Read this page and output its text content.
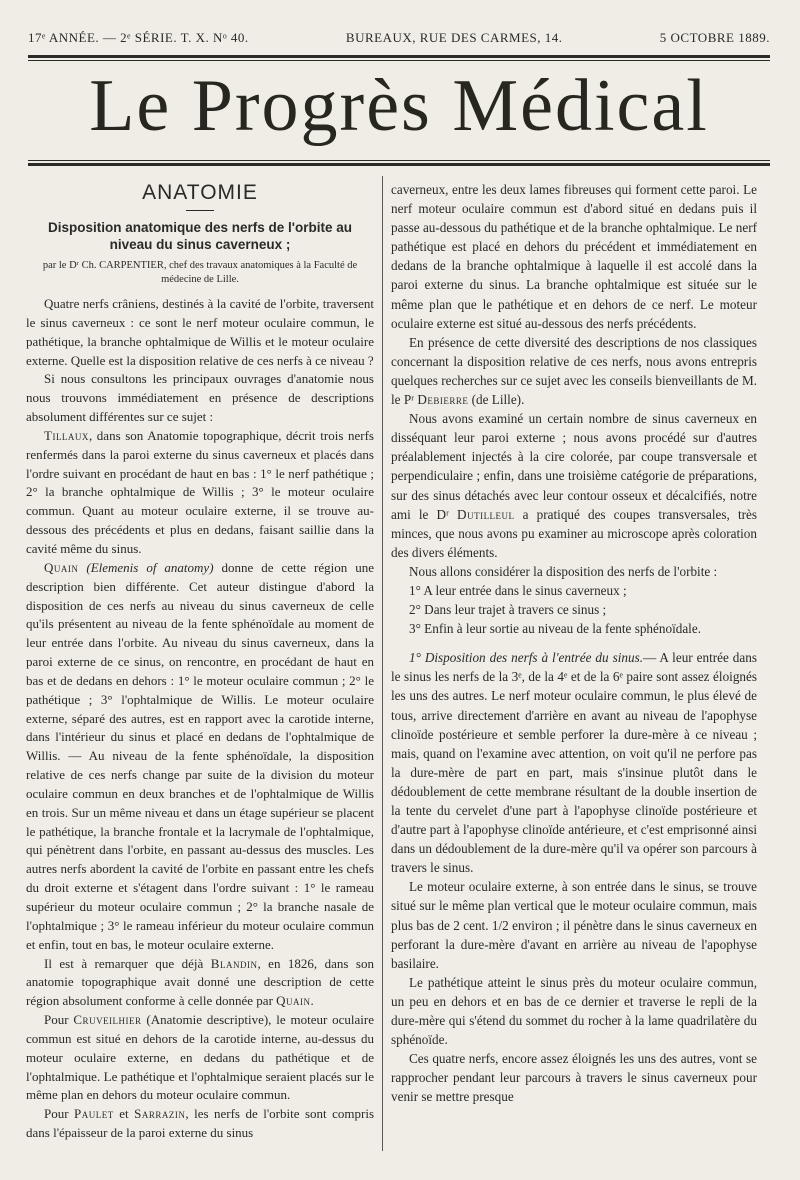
17ᵉ ANNÉE. — 2ᵉ SÉRIE. T. X. Nᵒ 40.	BUREAUX, RUE DES CARMES, 14.	5 OCTOBRE 1889.
Le Progrès Médical
ANATOMIE
Disposition anatomique des nerfs de l'orbite au niveau du sinus caverneux ;
par le Dʳ Ch. CARPENTIER, chef des travaux anatomiques à la Faculté de médecine de Lille.

Quatre nerfs crâniens, destinés à la cavité de l'orbite, traversent le sinus caverneux : ce sont le nerf moteur oculaire commun, le pathétique, la branche ophtalmique de Willis et le moteur oculaire externe. Quelle est la disposition relative de ces nerfs à ce niveau ?

Si nous consultons les principaux ouvrages d'anatomie nous nous trouvons immédiatement en présence de descriptions absolument différentes sur ce sujet :

Tillaux, dans son Anatomie topographique, décrit trois nerfs renfermés dans la paroi externe du sinus caverneux et placés dans l'ordre suivant en procédant de haut en bas : 1° le nerf pathétique ; 2° la branche ophtalmique de Willis ; 3° le moteur oculaire commun. Quant au moteur oculaire externe, il se trouve au-dessous des précédents et plus en dedans, faisant saillie dans la cavité même du sinus.

Quain (Elemenis of anatomy) donne de cette région une description bien différente. Cet auteur distingue d'abord la disposition de ces nerfs au niveau du sinus caverneux de celle qu'ils présentent au niveau de la fente sphénoïdale au moment de leur entrée dans l'orbite. Au niveau du sinus caverneux, dans la paroi externe de ce sinus, on rencontre, en procédant de haut en bas et de dedans en dehors : 1° le moteur oculaire commun ; 2° le pathétique ; 3° l'ophtalmique de Willis. Le moteur oculaire externe, séparé des autres, est en rapport avec la carotide interne, dans l'intérieur du sinus et placé en dedans de l'ophtalmique de Willis. — Au niveau de la fente sphénoïdale, la disposition relative de ces nerfs change par suite de la division du moteur oculaire commun en deux branches et de l'ophtalmique de Willis en trois. Sur un même niveau et dans un étage supérieur se placent le pathétique, la branche frontale et la lacrymale de l'ophtalmique, qui pénètrent dans l'orbite, en passant au-dessus des muscles. Les autres nerfs abordent la cavité de l'orbite en passant entre les chefs du droit externe et s'étagent dans l'ordre suivant : 1° le rameau supérieur du moteur oculaire commun ; 2° la branche nasale de l'ophtalmique ; 3° le rameau inférieur du moteur oculaire commun et enfin, tout en bas, le moteur oculaire externe.

Il est à remarquer que déjà Blandin, en 1826, dans son anatomie topographique avait donné une description de cette région absolument conforme à celle donnée par Quain.

Pour Cruveilhier (Anatomie descriptive), le moteur oculaire commun est situé en dehors de la carotide interne, au-dessus du moteur oculaire externe, en dedans du pathétique et de l'ophtalmique. Le pathétique et l'ophtalmique seraient placés sur le même plan en dehors du moteur oculaire commun.

Pour Paulet et Sarrazin, les nerfs de l'orbite sont compris dans l'épaisseur de la paroi externe du sinus

caverneux, entre les deux lames fibreuses qui forment cette paroi. Le nerf moteur oculaire commun est d'abord situé en dedans puis il passe au-dessous du pathétique et de la branche ophtalmique. Le nerf pathétique est placé en dehors du précédent et immédiatement en dedans de la branche ophtalmique à laquelle il est accolé dans la paroi externe du sinus. La branche ophtalmique est située sur le même plan que le pathétique et en dehors de ce nerf. Le moteur oculaire externe est situé au-dessous des nerfs précédents.

En présence de cette diversité des descriptions de nos classiques concernant la disposition relative de ces nerfs, nous avons entrepris quelques recherches sur ce sujet avec les conseils bienveillants de M. le Pʳ Debierre (de Lille).

Nous avons examiné un certain nombre de sinus caverneux en disséquant leur paroi externe ; nous avons procédé sur d'autres préalablement injectés à la cire colorée, par coupe transversale et perpendiculaire ; enfin, dans une troisième catégorie de préparations, sur des sinus détachés avec leur contour osseux et décalcifiés, notre ami le Dʳ Dutilleul a pratiqué des coupes transversales, très minces, que nous avons pu examiner au microscope après coloration des divers éléments.

Nous allons considérer la disposition des nerfs de l'orbite :

1° A leur entrée dans le sinus caverneux ;

2° Dans leur trajet à travers ce sinus ;

3° Enfin à leur sortie au niveau de la fente sphénoïdale.

1° Disposition des nerfs à l'entrée du sinus.— A leur entrée dans le sinus les nerfs de la 3ᵉ, de la 4ᵉ et de la 6ᵉ paire sont assez éloignés les uns des autres. Le nerf moteur oculaire commun, le plus élevé de tous, arrive directement d'arrière en avant au niveau de l'apophyse clinoïde postérieure et semble perforer la dure-mère à ce niveau ; mais, quand on l'examine avec attention, on voit qu'il ne perfore pas la dure-mère de part en part, mais s'insinue plutôt dans le dédoublement de cette membrane résultant de la double insertion de la tente du cervelet d'une part à l'apophyse clinoïde postérieure et d'autre part à l'apophyse clinoïde antérieure, et c'est emprisonné ainsi dans un dédoublement de la dure-mère qu'il va opérer son parcours à travers le sinus.

Le moteur oculaire externe, à son entrée dans le sinus, se trouve situé sur le même plan vertical que le moteur oculaire commun, mais plus bas de 2 cent. 1/2 environ ; il pénètre dans le sinus caverneux en perforant la dure-mère d'avant en arrière au niveau de l'apophyse basilaire.

Le pathétique atteint le sinus près du moteur oculaire commun, un peu en dehors et en bas de ce dernier et traverse le repli de la dure-mère qui s'étend du sommet du rocher à la lame quadrilatère du sphénoïde.

Ces quatre nerfs, encore assez éloignés les uns des autres, vont se rapprocher pendant leur parcours à travers le sinus caverneux pour venir se mettre presque
